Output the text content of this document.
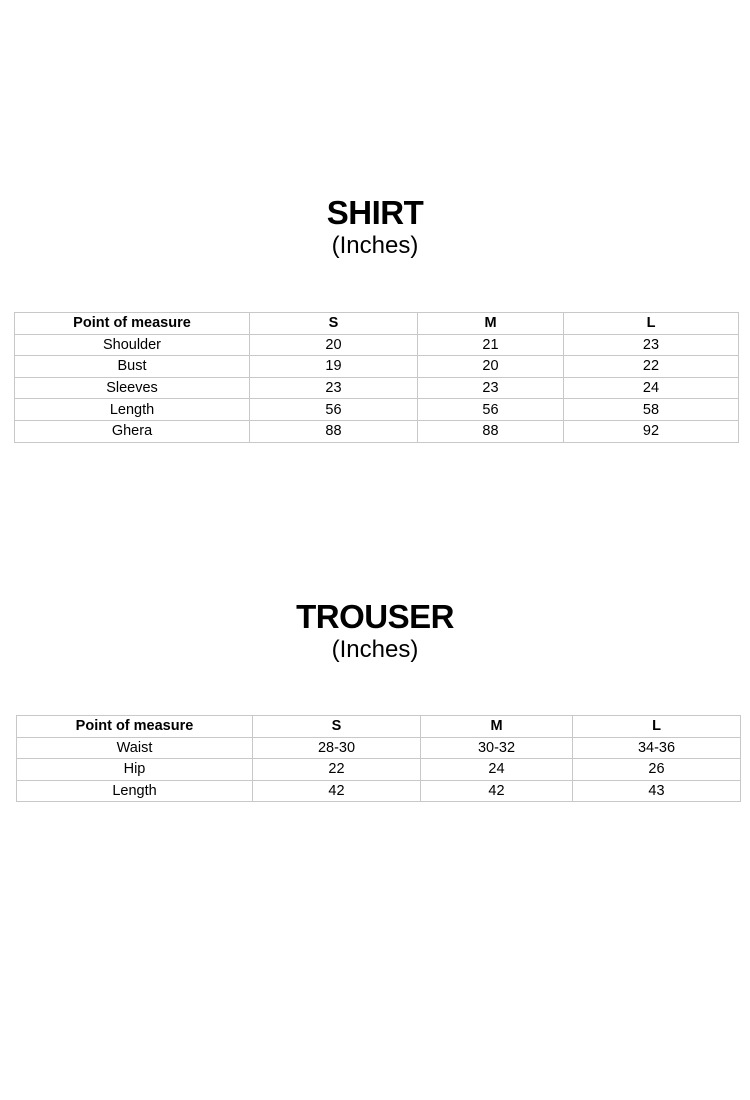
SHIRT
(Inches)
Point of measure	S	M	L
Shoulder	20	21	23
Bust	19	20	22
Sleeves	23	23	24
Length	56	56	58
Ghera	88	88	92
TROUSER
(Inches)
Point of measure	S	M	L
Waist	28-30	30-32	34-36
Hip	22	24	26
Length	42	42	43
